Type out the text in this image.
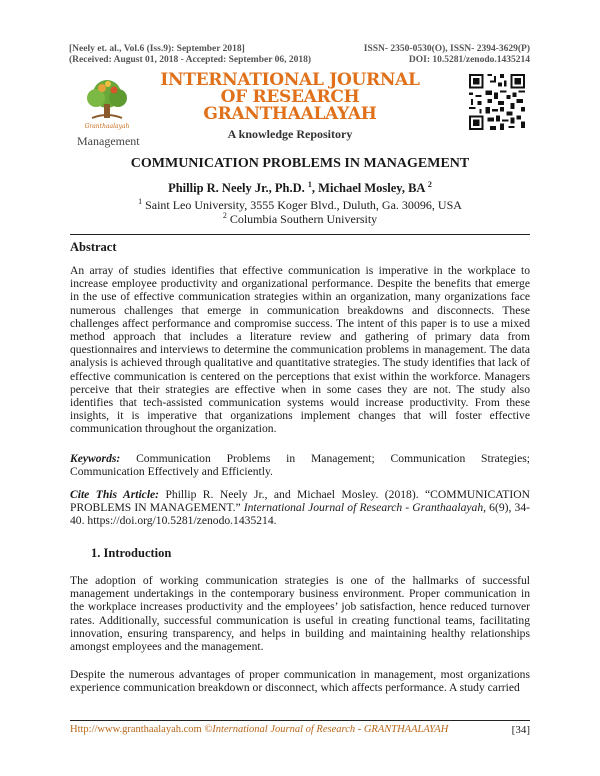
[Neely et. al., Vol.6 (Iss.9): September 2018]
(Received: August 01, 2018 - Accepted: September 06, 2018)
ISSN- 2350-0530(O), ISSN- 2394-3629(P)
DOI: 10.5281/zenodo.1435214
Granthaalayah
INTERNATIONAL JOURNAL OF RESEARCH
GRANTHAALAYAH
A knowledge Repository
Management
COMMUNICATION PROBLEMS IN MANAGEMENT
Phillip R. Neely Jr., Ph.D. $^1$, Michael Mosley, BA $^2$
$^1$ Saint Leo University, 3555 Koger Blvd., Duluth, Ga. 30096, USA
$^2$ Columbia Southern University
Abstract
An array of studies identifies that effective communication is imperative in the workplace to increase employee productivity and organizational performance. Despite the benefits that emerge in the use of effective communication strategies within an organization, many organizations face numerous challenges that emerge in communication breakdowns and disconnects. These challenges affect performance and compromise success. The intent of this paper is to use a mixed method approach that includes a literature review and gathering of primary data from questionnaires and interviews to determine the communication problems in management. The data analysis is achieved through qualitative and quantitative strategies. The study identifies that lack of effective communication is centered on the perceptions that exist within the workforce. Managers perceive that their strategies are effective when in some cases they are not. The study also identifies that tech-assisted communication systems would increase productivity. From these insights, it is imperative that organizations implement changes that will foster effective communication throughout the organization.
Keywords: Communication Problems in Management; Communication Strategies; Communication Effectively and Efficiently.
Cite This Article: Phillip R. Neely Jr., and Michael Mosley. (2018). “COMMUNICATION PROBLEMS IN MANAGEMENT.” International Journal of Research - Granthaalayah, 6(9), 34-40. https://doi.org/10.5281/zenodo.1435214.
1. Introduction
The adoption of working communication strategies is one of the hallmarks of successful management undertakings in the contemporary business environment. Proper communication in the workplace increases productivity and the employees’ job satisfaction, hence reduced turnover rates. Additionally, successful communication is useful in creating functional teams, facilitating innovation, ensuring transparency, and helps in building and maintaining healthy relationships amongst employees and the management.
Despite the numerous advantages of proper communication in management, most organizations experience communication breakdown or disconnect, which affects performance. A study carried
Http://www.granthaalayah.com ©International Journal of Research - GRANTHAALAYAH	[34]
